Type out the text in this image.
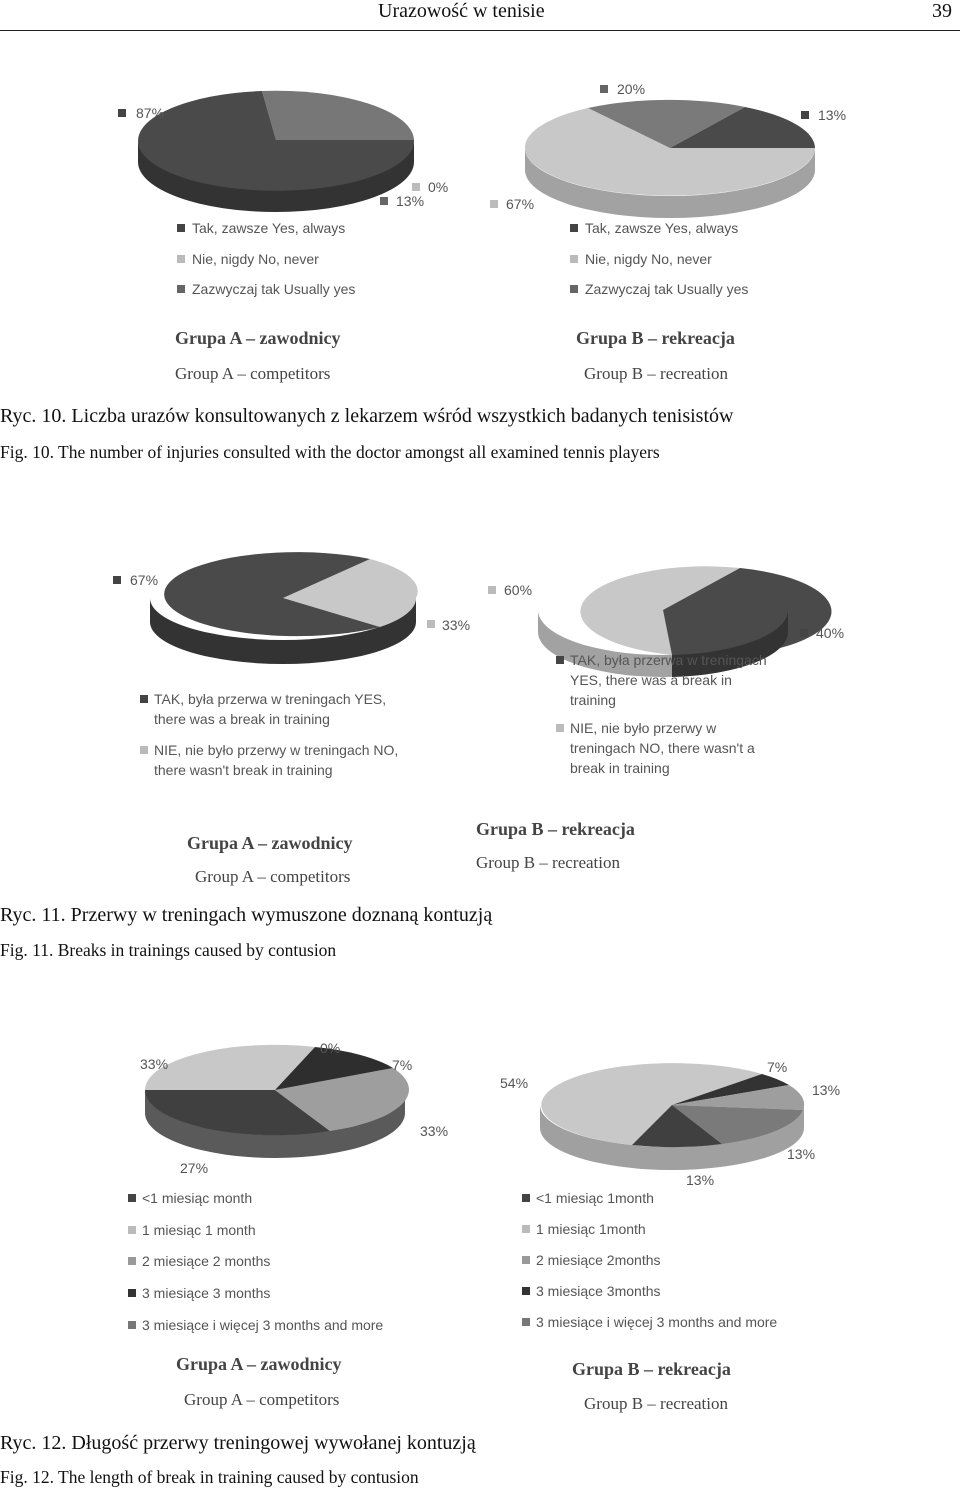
Urazowość w tenisie	39
87%
0%
13%
Tak, zawsze Yes, always
Nie, nigdy No, never
Zazwyczaj tak Usually yes
Grupa A – zawodnicy
Group A – competitors
20%
13%
67%
Tak, zawsze Yes, always
Nie, nigdy No, never
Zazwyczaj tak Usually yes
Grupa B – rekreacja
Group B – recreation
Ryc. 10. Liczba urazów konsultowanych z lekarzem wśród wszystkich badanych tenisistów
Fig. 10. The number of injuries consulted with the doctor amongst all examined tennis players
67%
33%
TAK, była przerwa w treningach YES, there was a break in training
NIE, nie było przerwy w treningach NO, there wasn't break in training
Grupa A – zawodnicy
Group A – competitors
60%
40%
TAK, była przerwa w treningach YES, there was a break in training
NIE, nie było przerwy w treningach NO, there wasn't a break in training
Grupa B – rekreacja
Group B – recreation
Ryc. 11. Przerwy w treningach wymuszone doznaną kontuzją
Fig. 11. Breaks in trainings caused by contusion
33%
0%
7%
33%
27%
<1 miesiąc month
1 miesiąc 1 month
2 miesiące 2 months
3 miesiące 3 months
3 miesiące i więcej 3 months and more
Grupa A – zawodnicy
Group A – competitors
54%
7%
13%
13%
13%
<1 miesiąc 1month
1 miesiąc 1month
2 miesiące 2months
3 miesiące 3months
3 miesiące i więcej 3 months and more
Grupa B – rekreacja
Group B – recreation
Ryc. 12. Długość przerwy treningowej wywołanej kontuzją
Fig. 12. The length of break in training caused by contusion
